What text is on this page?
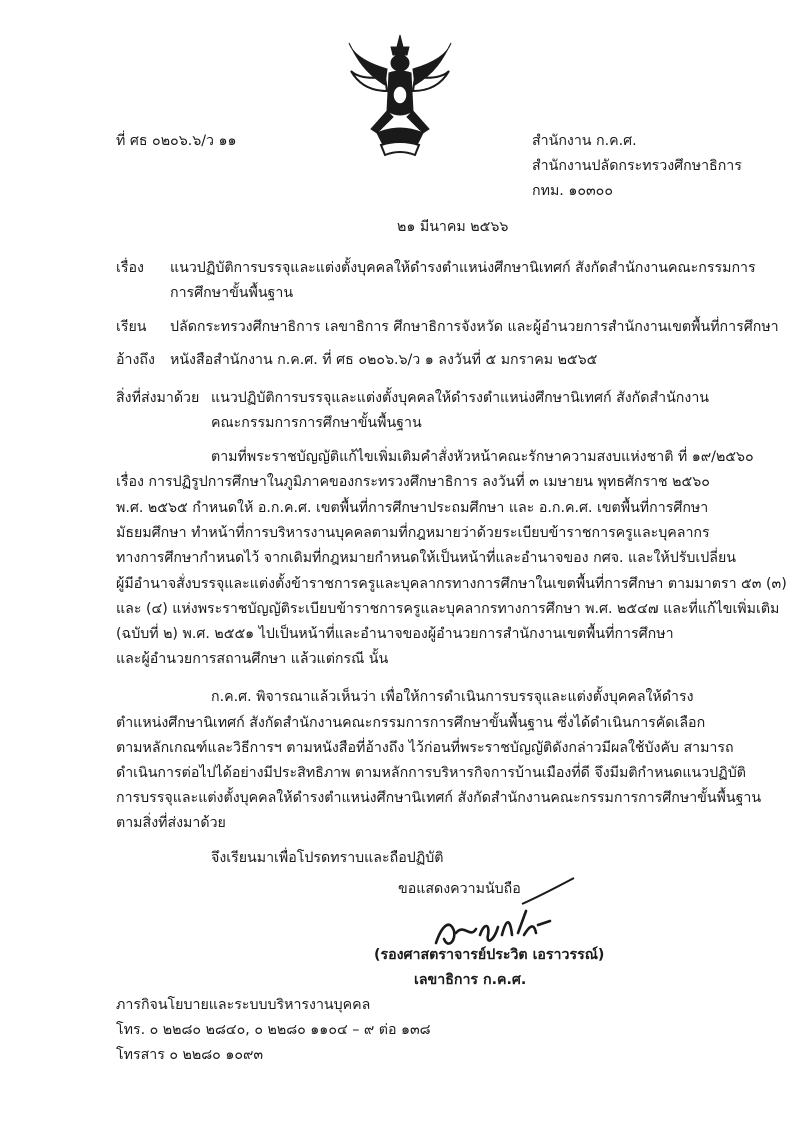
ที่ ศธ ๐๒๐๖.๖/ว ๑๑	สำนักงาน ก.ค.ศ.
สำนักงานปลัดกระทรวงศึกษาธิการ
กทม. ๑๐๓๐๐
๒๑ มีนาคม ๒๕๖๖
เรื่อง แนวปฏิบัติการบรรจุและแต่งตั้งบุคคลให้ดำรงตำแหน่งศึกษานิเทศก์ สังกัดสำนักงานคณะกรรมการ
การศึกษาขั้นพื้นฐาน
เรียน ปลัดกระทรวงศึกษาธิการ เลขาธิการ ศึกษาธิการจังหวัด และผู้อำนวยการสำนักงานเขตพื้นที่การศึกษา
อ้างถึง หนังสือสำนักงาน ก.ค.ศ. ที่ ศธ ๐๒๐๖.๖/ว ๑ ลงวันที่ ๕ มกราคม ๒๕๖๕
สิ่งที่ส่งมาด้วย แนวปฏิบัติการบรรจุและแต่งตั้งบุคคลให้ดำรงตำแหน่งศึกษานิเทศก์ สังกัดสำนักงาน
คณะกรรมการการศึกษาขั้นพื้นฐาน
ตามที่พระราชบัญญัติแก้ไขเพิ่มเติมคำสั่งหัวหน้าคณะรักษาความสงบแห่งชาติ ที่ ๑๙/๒๕๖๐
เรื่อง การปฏิรูปการศึกษาในภูมิภาคของกระทรวงศึกษาธิการ ลงวันที่ ๓ เมษายน พุทธศักราช ๒๕๖๐
พ.ศ. ๒๕๖๕ กำหนดให้ อ.ก.ค.ศ. เขตพื้นที่การศึกษาประถมศึกษา และ อ.ก.ค.ศ. เขตพื้นที่การศึกษา
มัธยมศึกษา ทำหน้าที่การบริหารงานบุคคลตามที่กฎหมายว่าด้วยระเบียบข้าราชการครูและบุคลากร
ทางการศึกษากำหนดไว้ จากเดิมที่กฎหมายกำหนดให้เป็นหน้าที่และอำนาจของ กศจ. และให้ปรับเปลี่ยน
ผู้มีอำนาจสั่งบรรจุและแต่งตั้งข้าราชการครูและบุคลากรทางการศึกษาในเขตพื้นที่การศึกษา ตามมาตรา ๕๓ (๓)
และ (๔) แห่งพระราชบัญญัติระเบียบข้าราชการครูและบุคลากรทางการศึกษา พ.ศ. ๒๕๔๗ และที่แก้ไขเพิ่มเติม
(ฉบับที่ ๒) พ.ศ. ๒๕๕๑ ไปเป็นหน้าที่และอำนาจของผู้อำนวยการสำนักงานเขตพื้นที่การศึกษา
และผู้อำนวยการสถานศึกษา แล้วแต่กรณี นั้น
ก.ค.ศ. พิจารณาแล้วเห็นว่า เพื่อให้การดำเนินการบรรจุและแต่งตั้งบุคคลให้ดำรง
ตำแหน่งศึกษานิเทศก์ สังกัดสำนักงานคณะกรรมการการศึกษาขั้นพื้นฐาน ซึ่งได้ดำเนินการคัดเลือก
ตามหลักเกณฑ์และวิธีการฯ ตามหนังสือที่อ้างถึง ไว้ก่อนที่พระราชบัญญัติดังกล่าวมีผลใช้บังคับ สามารถ
ดำเนินการต่อไปได้อย่างมีประสิทธิภาพ ตามหลักการบริหารกิจการบ้านเมืองที่ดี จึงมีมติกำหนดแนวปฏิบัติ
การบรรจุและแต่งตั้งบุคคลให้ดำรงตำแหน่งศึกษานิเทศก์ สังกัดสำนักงานคณะกรรมการการศึกษาขั้นพื้นฐาน
ตามสิ่งที่ส่งมาด้วย
จึงเรียนมาเพื่อโปรดทราบและถือปฏิบัติ
ขอแสดงความนับถือ
(รองศาสตราจารย์ประวิต เอราวรรณ์)
เลขาธิการ ก.ค.ศ.
ภารกิจนโยบายและระบบบริหารงานบุคคล
โทร. ๐ ๒๒๘๐ ๒๘๔๐, ๐ ๒๒๘๐ ๑๑๐๔ – ๙ ต่อ ๑๓๘
โทรสาร ๐ ๒๒๘๐ ๑๐๙๓
